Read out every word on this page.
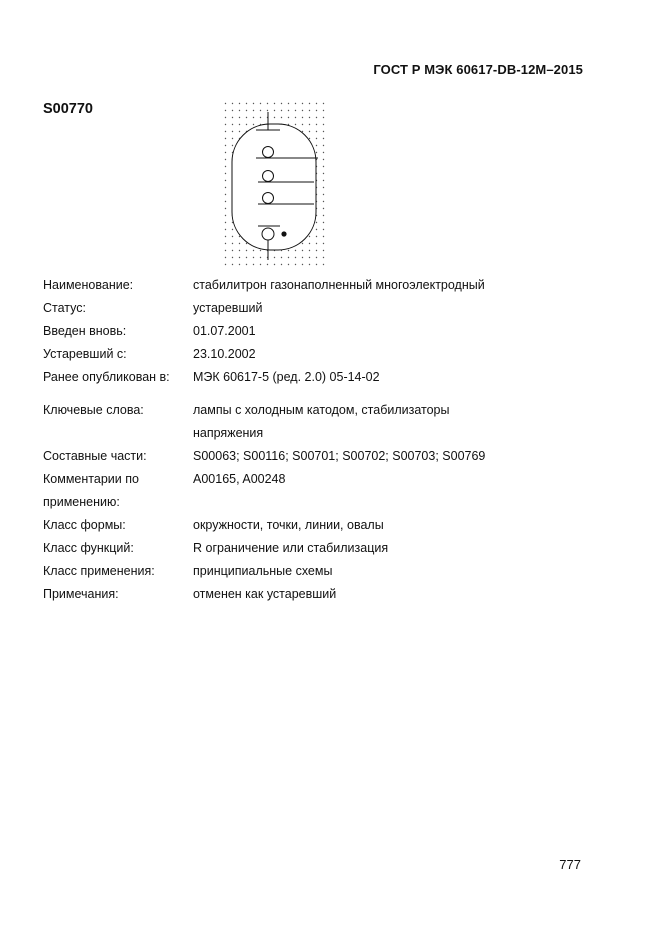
ГОСТ Р МЭК 60617-DB-12M–2015
S00770
Наименование:	стабилитрон газонаполненный многоэлектродный
Статус:	устаревший
Введен вновь:	01.07.2001
Устаревший с:	23.10.2002
Ранее опубликован в:	МЭК 60617-5 (ред. 2.0) 05-14-02
Ключевые слова:	лампы с холодным катодом, стабилизаторы
напряжения
Составные части:	S00063; S00116; S00701; S00702; S00703; S00769
Комментарии по	A00165, A00248
применению:
Класс формы:	окружности, точки, линии, овалы
Класс функций:	R ограничение или стабилизация
Класс применения:	принципиальные схемы
Примечания:	отменен как устаревший
777
